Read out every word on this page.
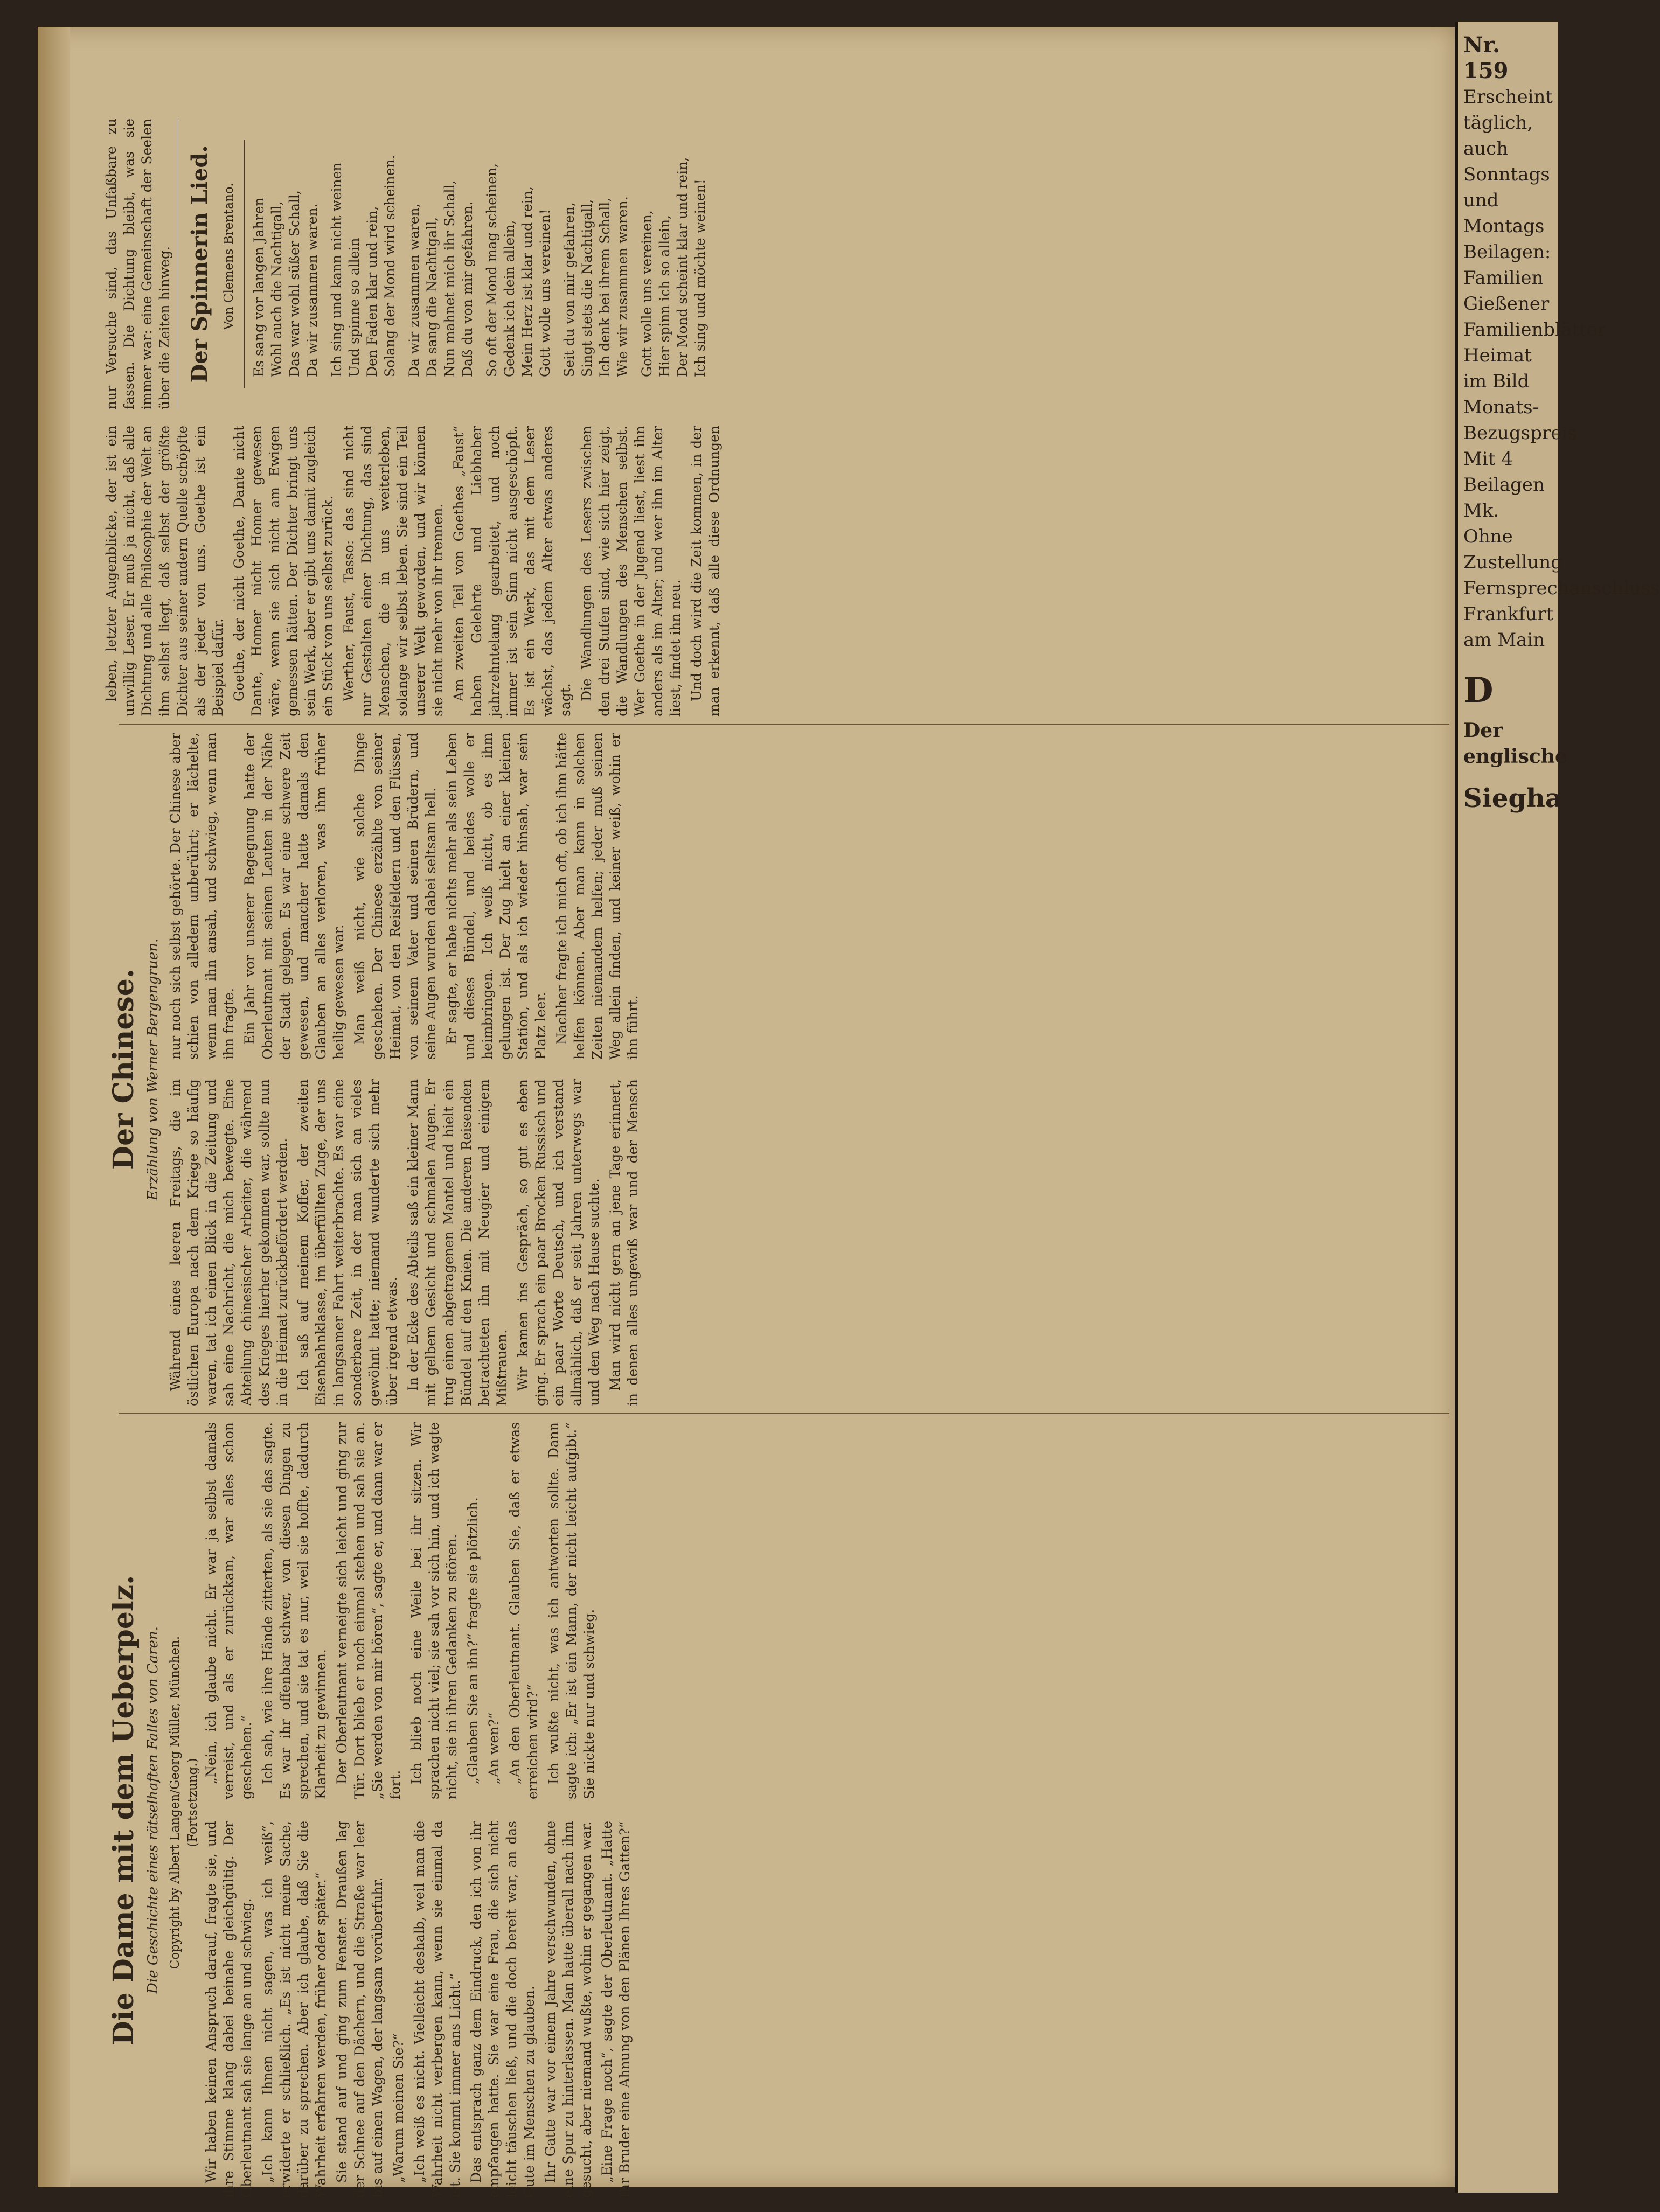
Die Dame mit dem Ueberpelz. Die Geschichte eines rätselhaften Falles von Caren. Copyright by Albert Langen/Georg Müller, München. (Fortsetzung.)

Wir haben keinen Anspruch darauf, fragte sie, und ihre Stimme klang dabei beinahe gleichgültig. Der Oberleutnant sah sie lange an und schwieg. „Ich kann Ihnen nicht sagen, was ich weiß“, erwiderte er schließlich. „Es ist nicht meine Sache, darüber zu sprechen. Aber ich glaube, daß Sie die Wahrheit erfahren werden, früher oder später.“ Sie stand auf und ging zum Fenster. Draußen lag der Schnee auf den Dächern, und die Straße war leer bis auf einen Wagen, der langsam vorüberfuhr. „Warum meinen Sie?“ „Ich weiß es nicht. Vielleicht deshalb, weil man die Wahrheit nicht verbergen kann, wenn sie einmal da ist. Sie kommt immer ans Licht.“ Das entsprach ganz dem Eindruck, den ich von ihr empfangen hatte. Sie war eine Frau, die sich nicht leicht täuschen ließ, und die doch bereit war, an das Gute im Menschen zu glauben. Ihr Gatte war vor einem Jahre verschwunden, ohne eine Spur zu hinterlassen. Man hatte überall nach ihm gesucht, aber niemand wußte, wohin er gegangen war. „Eine Frage noch“, sagte der Oberleutnant. „Hatte Ihr Bruder eine Ahnung von den Plänen Ihres Gatten?“

„Nein, ich glaube nicht. Er war ja selbst damals verreist, und als er zurückkam, war alles schon geschehen.“ Ich sah, wie ihre Hände zitterten, als sie das sagte. Es war ihr offenbar schwer, von diesen Dingen zu sprechen, und sie tat es nur, weil sie hoffte, dadurch Klarheit zu gewinnen. Der Oberleutnant verneigte sich leicht und ging zur Tür. Dort blieb er noch einmal stehen und sah sie an. „Sie werden von mir hören“, sagte er, und dann war er fort.

Ich blieb noch eine Weile bei ihr sitzen. Wir sprachen nicht viel; sie sah vor sich hin, und ich wagte nicht, sie in ihren Gedanken zu stören. „Glauben Sie an ihn?“ fragte sie plötzlich. „An wen?“ „An den Oberleutnant. Glauben Sie, daß er etwas erreichen wird?“ Ich wußte nicht, was ich antworten sollte. Dann sagte ich: „Er ist ein Mann, der nicht leicht aufgibt.“ Sie nickte nur und schwieg.

Der Chinese. Erzählung von Werner Bergengruen.

Während eines leeren Freitags, die im östlichen Europa nach dem Kriege so häufig waren, tat ich einen Blick in die Zeitung und sah eine Nachricht, die mich bewegte. Eine Abteilung chinesischer Arbeiter, die während des Krieges hierher gekommen war, sollte nun in die Heimat zurückbefördert werden. Ich saß auf meinem Koffer, der zweiten Eisenbahnklasse, im überfüllten Zuge, der uns in langsamer Fahrt weiterbrachte. Es war eine sonderbare Zeit, in der man sich an vieles gewöhnt hatte; niemand wunderte sich mehr über irgend etwas. In der Ecke des Abteils saß ein kleiner Mann mit gelbem Gesicht und schmalen Augen. Er trug einen abgetragenen Mantel und hielt ein Bündel auf den Knien. Die anderen Reisenden betrachteten ihn mit Neugier und einigem Mißtrauen. Wir kamen ins Gespräch, so gut es eben ging. Er sprach ein paar Brocken Russisch und ein paar Worte Deutsch, und ich verstand allmählich, daß er seit Jahren unterwegs war und den Weg nach Hause suchte. Man wird nicht gern an jene Tage erinnert, in denen alles ungewiß war und der Mensch nur noch sich selbst gehörte. Der Chinese aber schien von alledem unberührt; er lächelte, wenn man ihn ansah, und schwieg, wenn man ihn fragte. Ein Jahr vor unserer Begegnung hatte der Oberleutnant mit seinen Leuten in der Nähe der Stadt gelegen. Es war eine schwere Zeit gewesen, und mancher hatte damals den Glauben an alles verloren, was ihm früher heilig gewesen war. Man weiß nicht, wie solche Dinge geschehen. Der Chinese erzählte von seiner Heimat, von den Reisfeldern und den Flüssen, von seinem Vater und seinen Brüdern, und seine Augen wurden dabei seltsam hell. Er sagte, er habe nichts mehr als sein Leben und dieses Bündel, und beides wolle er heimbringen. Ich weiß nicht, ob es ihm gelungen ist. Der Zug hielt an einer kleinen Station, und als ich wieder hinsah, war sein Platz leer. Nachher fragte ich mich oft, ob ich ihm hätte helfen können. Aber man kann in solchen Zeiten niemandem helfen; jeder muß seinen Weg allein finden, und keiner weiß, wohin er ihn führt.

leben, letzter Augenblicke, der ist ein unwillig Leser. Er muß ja nicht, daß alle Dichtung und alle Philosophie der Welt an ihm selbst liegt, daß selbst der größte Dichter aus seiner andern Quelle schöpfte als der jeder von uns. Goethe ist ein Beispiel dafür. Goethe, der nicht Goethe, Dante nicht Dante, Homer nicht Homer gewesen wäre, wenn sie sich nicht am Ewigen gemessen hätten. Der Dichter bringt uns sein Werk, aber er gibt uns damit zugleich ein Stück von uns selbst zurück. Werther, Faust, Tasso: das sind nicht nur Gestalten einer Dichtung, das sind Menschen, die in uns weiterleben, solange wir selbst leben. Sie sind ein Teil unserer Welt geworden, und wir können sie nicht mehr von ihr trennen. Am zweiten Teil von Goethes „Faust“ haben Gelehrte und Liebhaber jahrzehntelang gearbeitet, und noch immer ist sein Sinn nicht ausgeschöpft. Es ist ein Werk, das mit dem Leser wächst, das jedem Alter etwas anderes sagt. Die Wandlungen des Lesers zwischen den drei Stufen sind, wie sich hier zeigt, die Wandlungen des Menschen selbst. Wer Goethe in der Jugend liest, liest ihn anders als im Alter; und wer ihn im Alter liest, findet ihn neu. Und doch wird die Zeit kommen, in der man erkennt, daß alle diese Ordnungen nur Versuche sind, das Unfaßbare zu fassen. Die Dichtung bleibt, was sie immer war: eine Gemeinschaft der Seelen über die Zeiten hinweg. Der Spinnerin Lied. Von Clemens Brentano. Es sang vor langen Jahren Wohl auch die Nachtigall, Das war wohl süßer Schall, Da wir zusammen waren. Ich sing und kann nicht weinen Und spinne so allein Den Faden klar und rein, Solang der Mond wird scheinen. Da wir zusammen waren, Da sang die Nachtigall, Nun mahnet mich ihr Schall, Daß du von mir gefahren. So oft der Mond mag scheinen, Gedenk ich dein allein, Mein Herz ist klar und rein, Gott wolle uns vereinen! Seit du von mir gefahren, Singt stets die Nachtigall, Ich denk bei ihrem Schall, Wie wir zusammen waren. Gott wolle uns vereinen, Hier spinn ich so allein, Der Mond scheint klar und rein, Ich sing und möchte weinen!

Nr. 159
Erscheint täglich, auch
Sonntags und Montags
Beilagen: Familien
Gießener Familienblätter
Heimat im Bild
Monats-Bezugspreis
Mit 4 Beilagen Mk.
Ohne Zustellung
Fernsprechanschluss
Frankfurt am Main
D
Der englische
Siegha
